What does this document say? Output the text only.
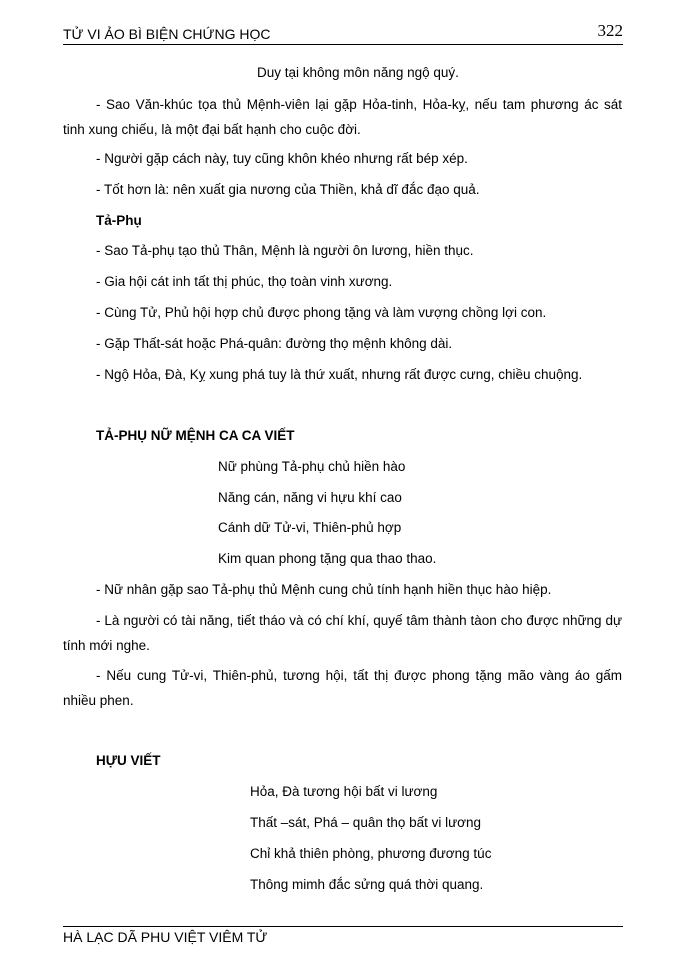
TỬ VI ẢO BÌ BIỆN CHỨNG HỌC	322
Duy tại không môn năng ngộ quý.

- Sao Văn-khúc tọa thủ Mệnh-viên lại gặp Hỏa-tinh, Hỏa-kỵ, nếu tam phương ác sát tinh xung chiếu, là một đại bất hạnh cho cuộc đời.

- Người gặp cách này, tuy cũng khôn khéo nhưng rất bép xép.
- Tốt hơn là: nên xuất gia nương của Thiền, khả dĩ đắc đạo quả.
Tả-Phụ
- Sao Tả-phụ tạo thủ Thân, Mệnh là người ôn lương, hiền thục.
- Gia hội cát inh tất thị phúc, thọ toàn vinh xương.
- Cùng Tử, Phủ hội hợp chủ được phong tặng và làm vượng chồng lợi con.
- Gặp Thất-sát hoặc Phá-quân: đường thọ mệnh không dài.
- Ngộ Hỏa, Đà, Kỵ xung phá tuy là thứ xuất, nhưng rất được cưng, chiều chuộng.
TẢ-PHỤ NỮ MỆNH CA CA VIẾT
Nữ phùng Tả-phụ chủ hiền hào
Năng cán, năng vi hựu khí cao
Cánh dữ Tử-vi, Thiên-phủ hợp
Kim quan phong tặng qua thao thao.
- Nữ nhân gặp sao Tả-phụ thủ Mệnh cung chủ tính hạnh hiền thục hào hiệp.

- Là người có tài năng, tiết tháo và có chí khí, quyế tâm thành tàon cho được những dự tính mới nghe.

- Nếu cung Tử-vi, Thiên-phủ, tương hội, tất thị được phong tặng mão vàng áo gấm nhiều phen.

HỰU VIẾT
Hỏa, Đà tương hội bất vi lương
Thất –sát, Phá – quân thọ bất vi lương
Chỉ khả thiên phòng, phương đương túc
Thông mimh đắc sửng quá thời quang.
HÀ LẠC DÃ PHU VIỆT VIÊM TỬ
